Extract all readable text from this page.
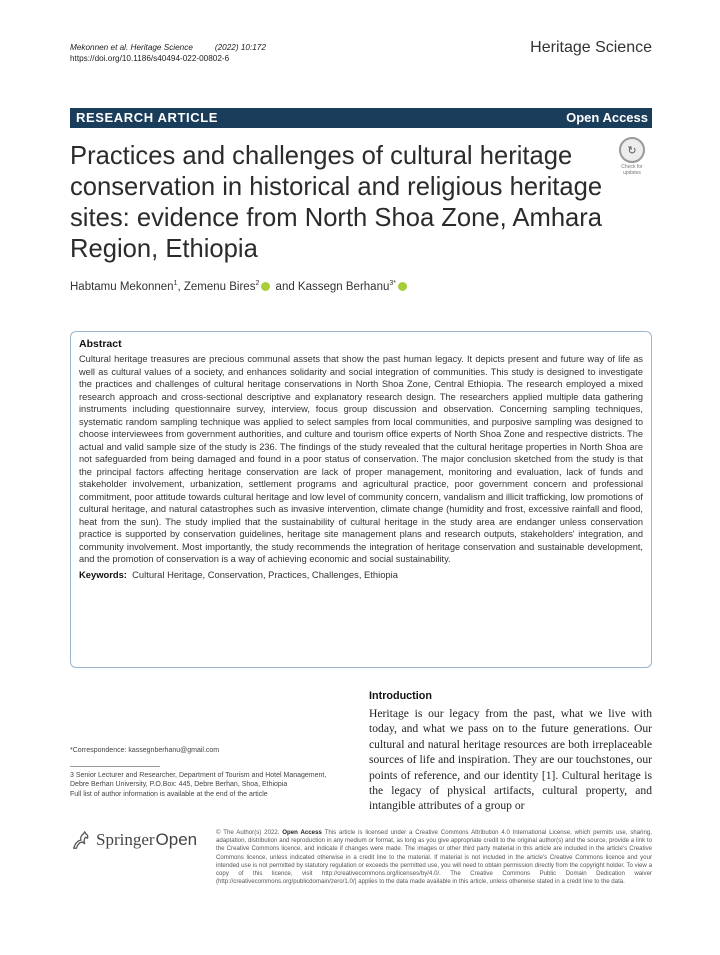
Mekonnen et al. Heritage Science	(2022) 10:172
https://doi.org/10.1186/s40494-022-00802-6
Heritage Science
RESEARCH ARTICLE	Open Access
Practices and challenges of cultural heritage conservation in historical and religious heritage sites: evidence from North Shoa Zone, Amhara Region, Ethiopia
↻
Check for updates
Habtamu Mekonnen$^1$, Zemenu Bires$^2$ and Kassegn Berhanu$^{3*}$
Abstract

Cultural heritage treasures are precious communal assets that show the past human legacy. It depicts present and future way of life as well as cultural values of a society, and enhances solidarity and social integration of communities. This study is designed to investigate the practices and challenges of cultural heritage conservations in North Shoa Zone, Central Ethiopia. The research employed a mixed research approach and cross-sectional descriptive and explanatory research design. The researchers applied multiple data gathering instruments including questionnaire survey, interview, focus group discussion and observation. Concerning sampling techniques, systematic random sampling technique was applied to select samples from local communities, and purposive sampling was designed to choose interviewees from government authorities, and culture and tourism office experts of North Shoa Zone and respective districts. The actual and valid sample size of the study is 236. The findings of the study revealed that the cultural heritage properties in North Shoa are not safeguarded from being damaged and found in a poor status of conservation. The major conclusion sketched from the study is that the principal factors affecting heritage conservation are lack of proper management, monitoring and evaluation, lack of funds and stakeholder involvement, urbanization, settlement programs and agricultural practice, poor government concern and professional commitment, poor attitude towards cultural heritage and low level of community concern, vandalism and illicit trafficking, low promotions of cultural heritage, and natural catastrophes such as invasive intervention, climate change (humidity and frost, excessive rainfall and flood, heat from the sun). The study implied that the sustainability of cultural heritage in the study area are endanger unless conservation practice is supported by conservation guidelines, heritage site management plans and research outputs, stakeholders' integration, and community involvement. Most importantly, the study recommends the integration of heritage conservation and sustainable development, and the promotion of conservation is a way of achieving economic and social sustainability.

Keywords: Cultural Heritage, Conservation, Practices, Challenges, Ethiopia
Introduction

Heritage is our legacy from the past, what we live with today, and what we pass on to the future generations. Our cultural and natural heritage resources are both irreplaceable sources of life and inspiration. They are our touchstones, our points of reference, and our identity [1]. Cultural heritage is the legacy of physical artifacts, cultural property, and intangible attributes of a group or

*Correspondence: kassegnberhanu@gmail.com
3 Senior Lecturer and Researcher, Department of Tourism and Hotel Management, Debre Berhan University, P.O.Box: 445, Debre Berhan, Shoa, Ethiopia
Full list of author information is available at the end of the article
Springer Open	© The Author(s) 2022. Open Access This article is licensed under a Creative Commons Attribution 4.0 International License, which permits use, sharing, adaptation, distribution and reproduction in any medium or format, as long as you give appropriate credit to the original author(s) and the source, provide a link to the Creative Commons licence, and indicate if changes were made. The images or other third party material in this article are included in the article's Creative Commons licence, unless indicated otherwise in a credit line to the material. If material is not included in the article's Creative Commons licence and your intended use is not permitted by statutory regulation or exceeds the permitted use, you will need to obtain permission directly from the copyright holder. To view a copy of this licence, visit http://creativecommons.org/licenses/by/4.0/. The Creative Commons Public Domain Dedication waiver (http://creativecommons.org/publicdomain/zero/1.0/) applies to the data made available in this article, unless otherwise stated in a credit line to the data.
